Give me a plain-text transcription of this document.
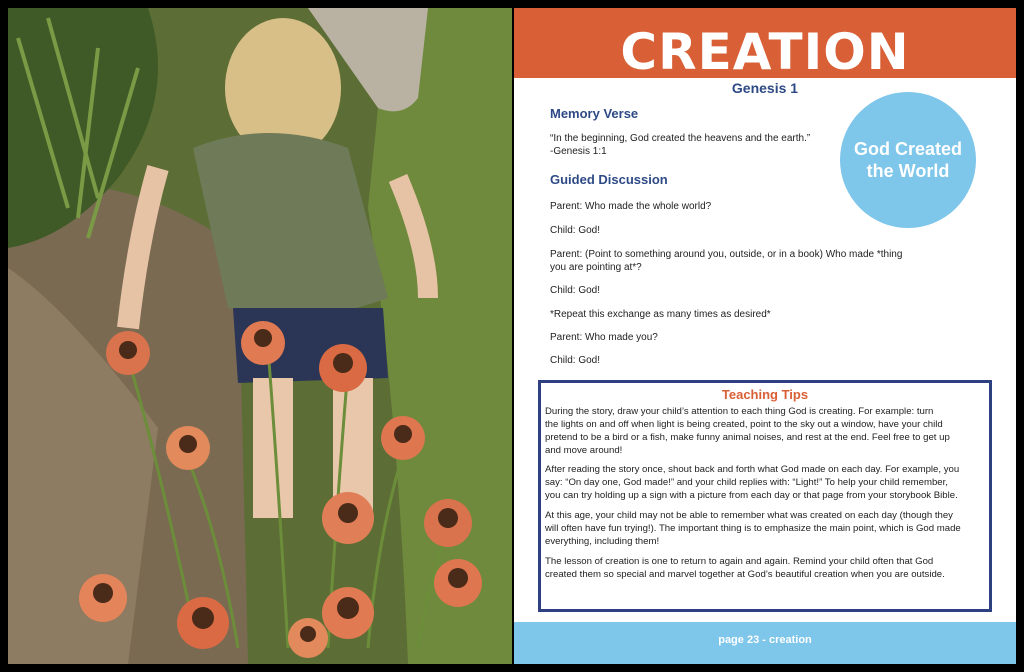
CREATION
Genesis 1
God Created
the World
Memory Verse
“In the beginning, God created the heavens and the earth.”
-Genesis 1:1
Guided Discussion
Parent: Who made the whole world?
Child: God!
Parent: (Point to something around you, outside, or in a book) Who made *thing
you are pointing at*?
Child: God!
*Repeat this exchange as many times as desired*
Parent: Who made you?
Child: God!
Teaching Tips
During the story, draw your child’s attention to each thing God is creating. For example: turn
the lights on and off when light is being created, point to the sky out a window, have your child
pretend to be a bird or a fish, make funny animal noises, and rest at the end. Feel free to get up
and move around!
After reading the story once, shout back and forth what God made on each day. For example, you
say: “On day one, God made!” and your child replies with: “Light!” To help your child remember,
you can try holding up a sign with a picture from each day or that page from your storybook Bible.
At this age, your child may not be able to remember what was created on each day (though they
will often have fun trying!). The important thing is to emphasize the main point, which is God made
everything, including them!
The lesson of creation is one to return to again and again. Remind your child often that God
created them so special and marvel together at God’s beautiful creation when you are outside.
page 23 - creation
